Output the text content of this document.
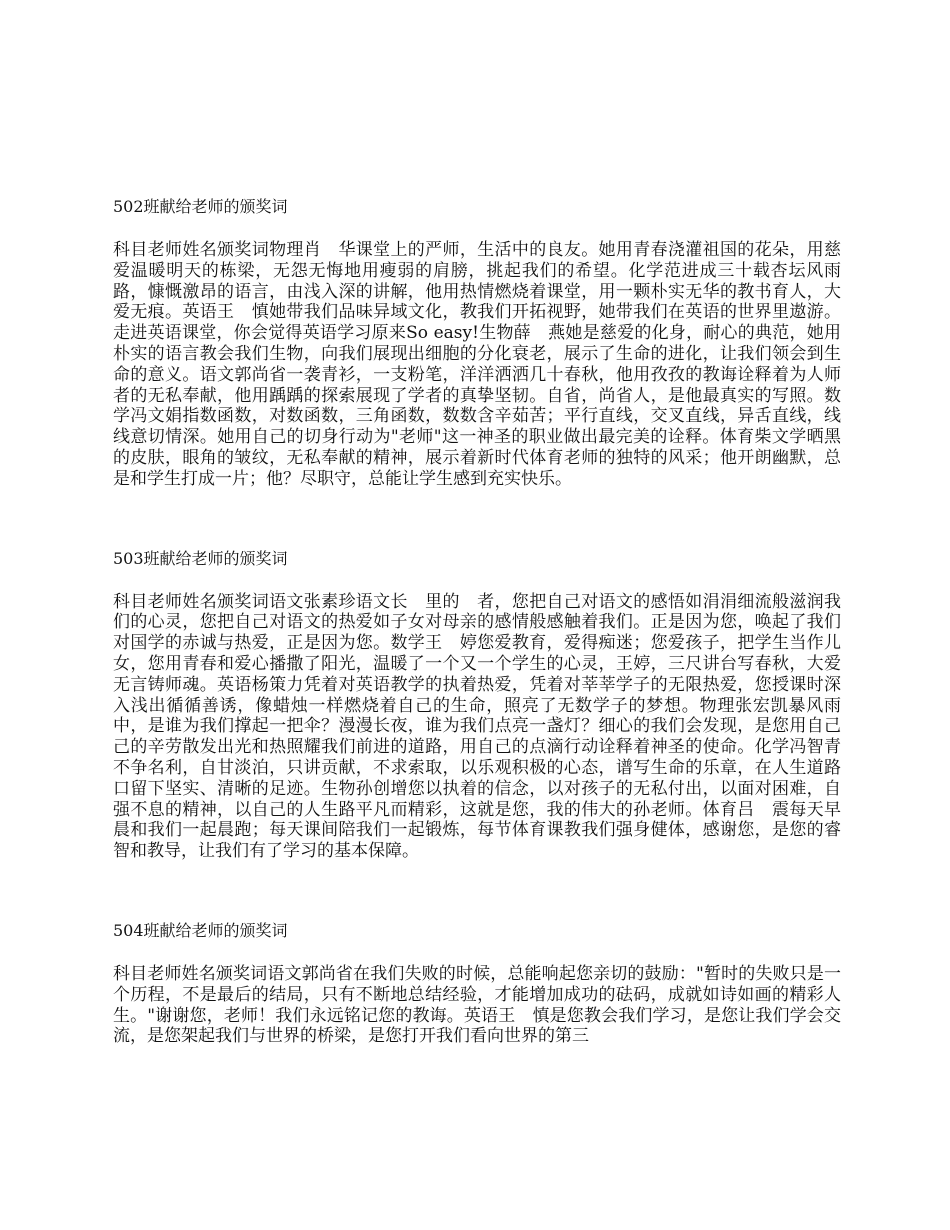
502班献给老师的颁奖词

科目老师姓名颁奖词物理肖　华课堂上的严师，生活中的良友。她用青春浇灌祖国的花朵，用慈爱温暖明天的栋梁，无怨无悔地用瘦弱的肩膀，挑起我们的希望。化学范进成三十载杏坛风雨路，慷慨激昂的语言，由浅入深的讲解，他用热情燃烧着课堂，用一颗朴实无华的教书育人，大爱无痕。英语王　慎她带我们品味异域文化，教我们开拓视野，她带我们在英语的世界里遨游。走进英语课堂，你会觉得英语学习原来So easy!生物薛　燕她是慈爱的化身，耐心的典范，她用朴实的语言教会我们生物，向我们展现出细胞的分化衰老，展示了生命的进化，让我们领会到生命的意义。语文郭尚省一袭青衫，一支粉笔，洋洋洒洒几十春秋，他用孜孜的教诲诠释着为人师者的无私奉献，他用踽踽的探索展现了学者的真挚坚韧。自省，尚省人，是他最真实的写照。数学冯文娟指数函数，对数函数，三角函数，数数含辛茹苦；平行直线，交叉直线，异舌直线，线线意切情深。她用自己的切身行动为"老师"这一神圣的职业做出最完美的诠释。体育柴文学晒黑的皮肤，眼角的皱纹，无私奉献的精神，展示着新时代体育老师的独特的风采；他开朗幽默，总是和学生打成一片；他？尽职守，总能让学生感到充实快乐。

503班献给老师的颁奖词

科目老师姓名颁奖词语文张素珍语文长　里的　者，您把自己对语文的感悟如涓涓细流般滋润我们的心灵，您把自己对语文的热爱如子女对母亲的感情般感触着我们。正是因为您，唤起了我们对国学的赤诚与热爱，正是因为您。数学王　婷您爱教育，爱得痴迷；您爱孩子，把学生当作儿女，您用青春和爱心播撒了阳光，温暖了一个又一个学生的心灵，王婷，三尺讲台写春秋，大爱无言铸师魂。英语杨策力凭着对英语教学的执着热爱，凭着对莘莘学子的无限热爱，您授课时深入浅出循循善诱，像蜡烛一样燃烧着自己的生命，照亮了无数学子的梦想。物理张宏凯暴风雨中，是谁为我们撑起一把伞？漫漫长夜，谁为我们点亮一盏灯？细心的我们会发现，是您用自己己的辛劳散发出光和热照耀我们前进的道路，用自己的点滴行动诠释着神圣的使命。化学冯智青不争名利，自甘淡泊，只讲贡献，不求索取，以乐观积极的心态，谱写生命的乐章，在人生道路口留下坚实、清晰的足迹。生物孙创增您以执着的信念，以对孩子的无私付出，以面对困难，自强不息的精神，以自己的人生路平凡而精彩，这就是您，我的伟大的孙老师。体育吕　震每天早晨和我们一起晨跑；每天课间陪我们一起锻炼，每节体育课教我们强身健体，感谢您，是您的睿智和教导，让我们有了学习的基本保障。

504班献给老师的颁奖词

科目老师姓名颁奖词语文郭尚省在我们失败的时候，总能响起您亲切的鼓励："暂时的失败只是一个历程，不是最后的结局，只有不断地总结经验，才能增加成功的砝码，成就如诗如画的精彩人生。"谢谢您，老师！我们永远铭记您的教诲。英语王　慎是您教会我们学习，是您让我们学会交流，是您架起我们与世界的桥梁，是您打开我们看向世界的第三
